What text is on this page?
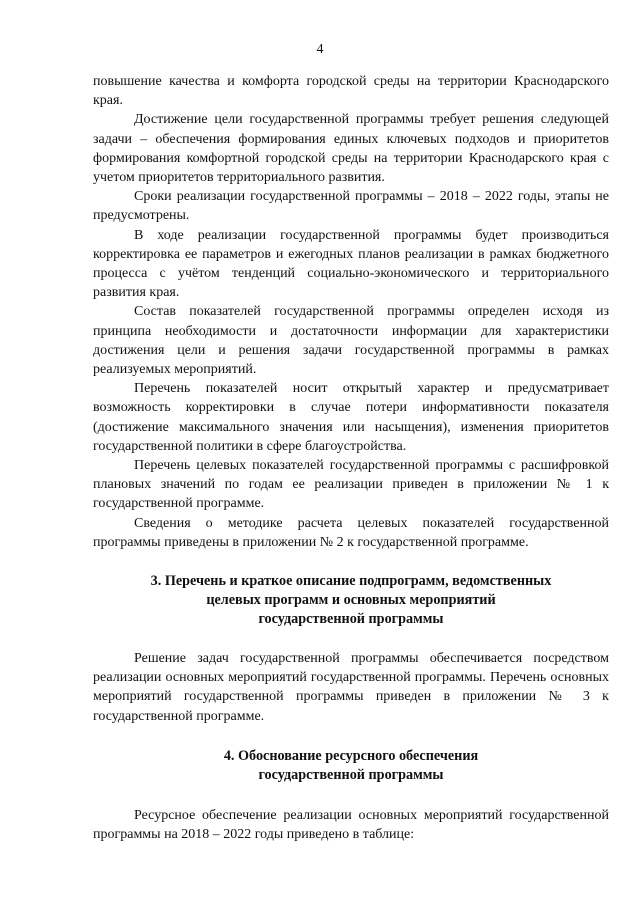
4

повышение качества и комфорта городской среды на территории Краснодарского края.

Достижение цели государственной программы требует решения следующей задачи – обеспечения формирования единых ключевых подходов и приоритетов формирования комфортной городской среды на территории Краснодарского края с учетом приоритетов территориального развития.

Сроки реализации государственной программы – 2018 – 2022 годы, этапы не предусмотрены.

В ходе реализации государственной программы будет производиться корректировка ее параметров и ежегодных планов реализации в рамках бюджетного процесса с учётом тенденций социально-экономического и территориального развития края.

Состав показателей государственной программы определен исходя из принципа необходимости и достаточности информации для характеристики достижения цели и решения задачи государственной программы в рамках реализуемых мероприятий.

Перечень показателей носит открытый характер и предусматривает возможность корректировки в случае потери информативности показателя (достижение максимального значения или насыщения), изменения приоритетов государственной политики в сфере благоустройства.

Перечень целевых показателей государственной программы с расшифровкой плановых значений по годам ее реализации приведен в приложении № 1 к государственной программе.

Сведения о методике расчета целевых показателей государственной программы приведены в приложении № 2 к государственной программе.

3. Перечень и краткое описание подпрограмм, ведомственных
целевых программ и основных мероприятий
государственной программы

Решение задач государственной программы обеспечивается посредством реализации основных мероприятий государственной программы. Перечень основных мероприятий государственной программы приведен в приложении № 3 к государственной программе.

4. Обоснование ресурсного обеспечения
государственной программы

Ресурсное обеспечение реализации основных мероприятий государственной программы на 2018 – 2022 годы приведено в таблице:
